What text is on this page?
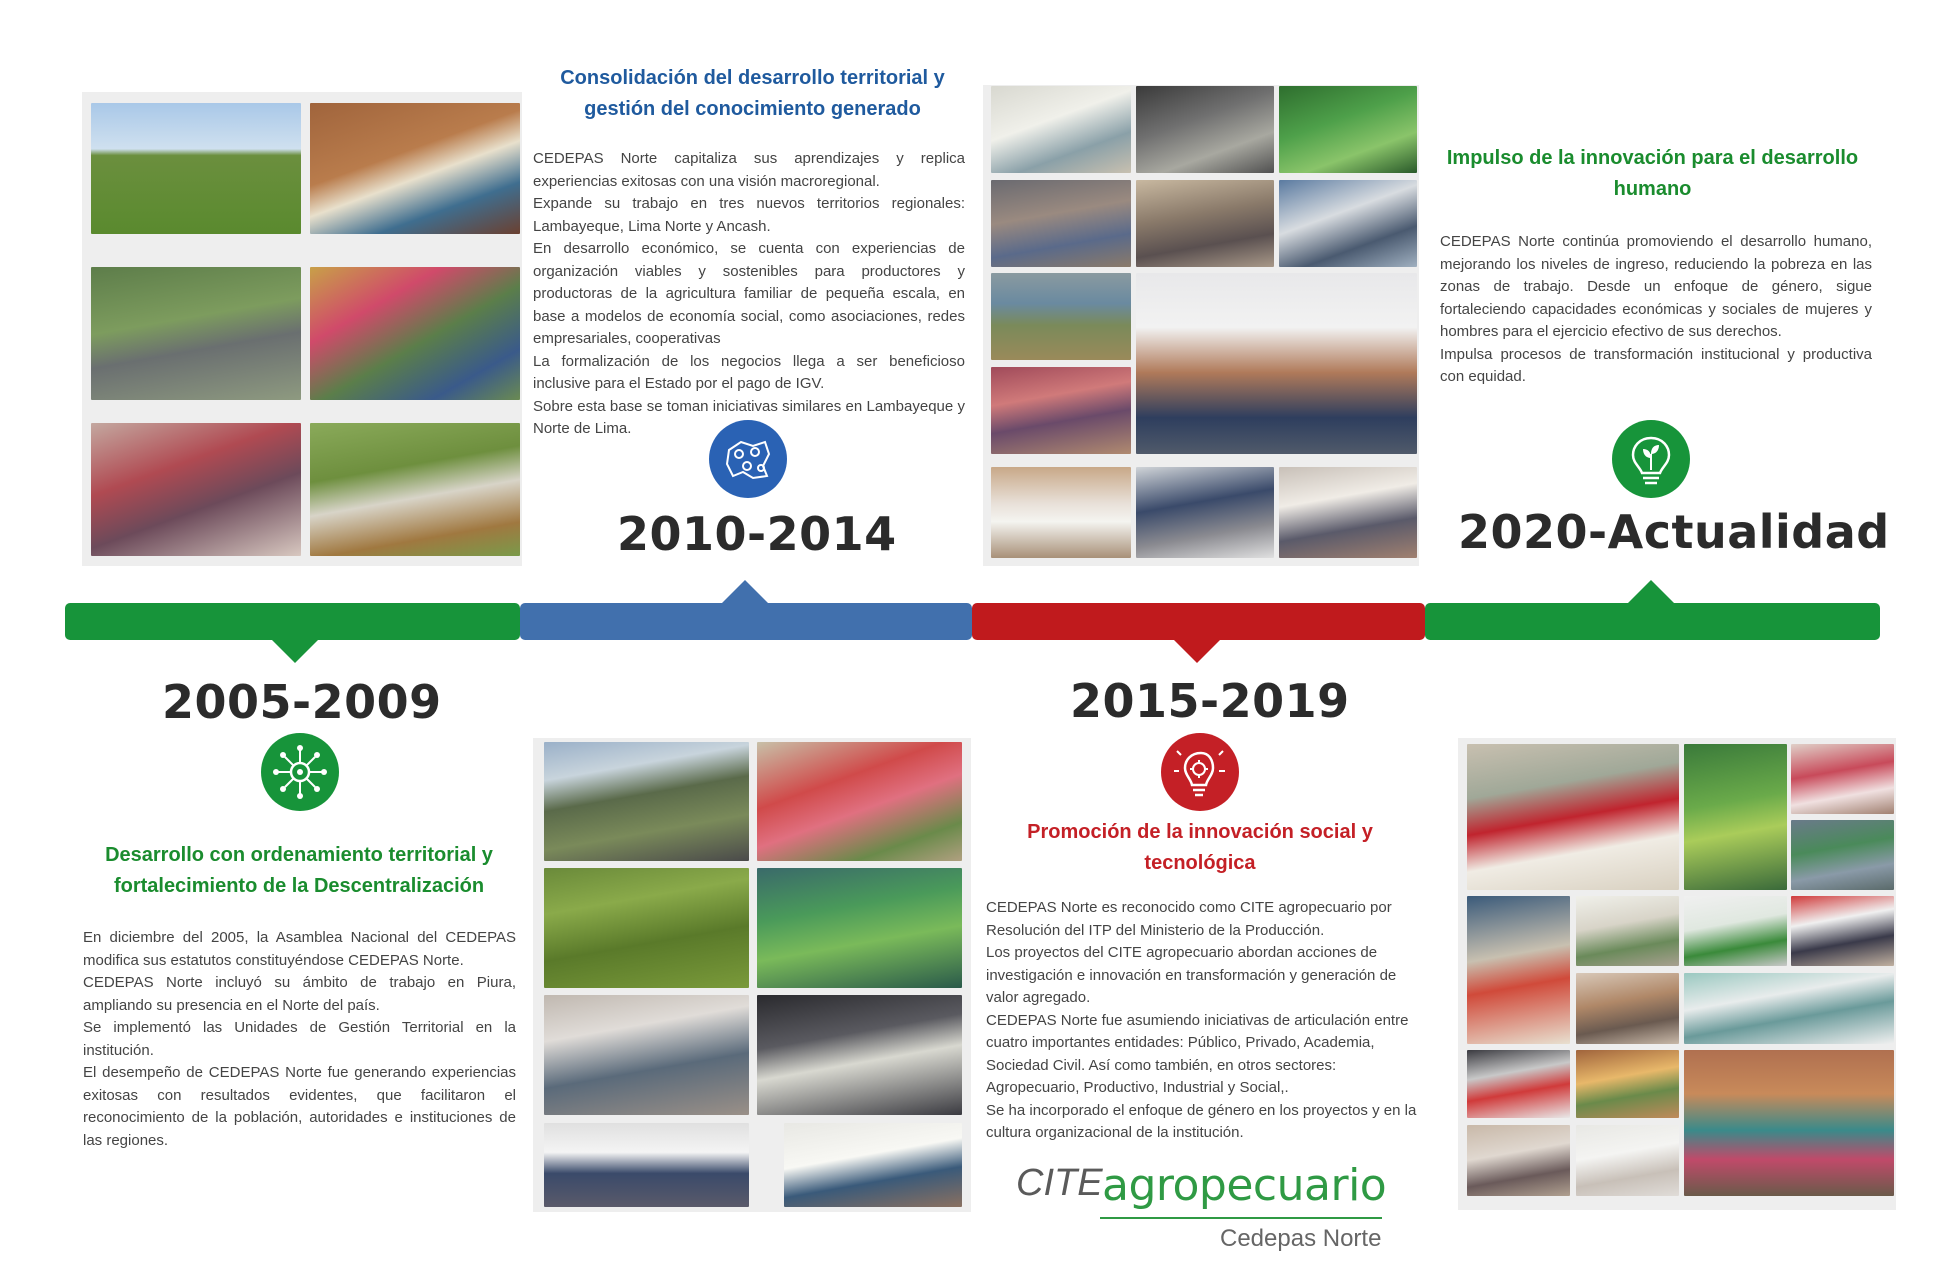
Consolidación del desarrollo territorial y gestión del conocimiento generado

CEDEPAS Norte capitaliza sus aprendizajes y replica experiencias exitosas con una visión macroregional.

Expande su trabajo en tres nuevos territorios regionales: Lambayeque, Lima Norte y Ancash.

En desarrollo económico, se cuenta con experiencias de organización viables y sostenibles para productores y productoras de la agricultura familiar de pequeña escala, en base a modelos de economía social, como asociaciones, redes empresariales, cooperativas

La formalización de los negocios llega a ser beneficioso inclusive para el Estado por el pago de IGV.

Sobre esta base se toman iniciativas similares en Lambayeque y Norte de Lima.

2010-2014
Impulso de la innovación para el desarrollo humano

CEDEPAS Norte continúa promoviendo el desarrollo humano, mejorando los niveles de ingreso, reduciendo la pobreza en las zonas de trabajo. Desde un enfoque de género, sigue fortaleciendo capacidades económicas y sociales de mujeres y hombres para el ejercicio efectivo de sus derechos.

Impulsa procesos de transformación institucional y productiva con equidad.

2020-Actualidad
2005-2009
Desarrollo con ordenamiento territorial y fortalecimiento de la Descentralización

En diciembre del 2005, la Asamblea Nacional del CEDEPAS modifica sus estatutos constituyéndose CEDEPAS Norte.

CEDEPAS Norte incluyó su ámbito de trabajo en Piura, ampliando su presencia en el Norte del país.

Se implementó las Unidades de Gestión Territorial en la institución.

El desempeño de CEDEPAS Norte fue generando experiencias exitosas con resultados evidentes, que facilitaron el reconocimiento de la población, autoridades e instituciones de las regiones.

2015-2019
Promoción de la innovación social y tecnológica

CEDEPAS Norte es reconocido como CITE agropecuario por Resolución del ITP del Ministerio de la Producción.

Los proyectos del CITE agropecuario abordan acciones de investigación e innovación en transformación y generación de valor agregado.

CEDEPAS Norte fue asumiendo iniciativas de articulación entre cuatro importantes entidades: Público, Privado, Academia, Sociedad Civil. Así como también, en otros sectores: Agropecuario, Productivo, Industrial y Social,.

Se ha incorporado el enfoque de género en los proyectos y en la cultura organizacional de la institución.

CITE agropecuario
Cedepas Norte
